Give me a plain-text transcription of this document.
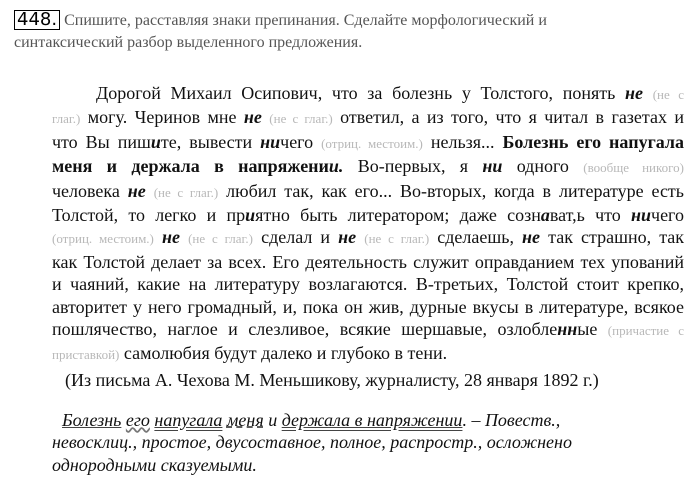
448. Спишите, расставляя знаки препинания. Сделайте морфологический и
синтаксический разбор выделенного предложения.
Дорогой Михаил Осипович, что за болезнь у Толстого, понять не (не с
глаг.) могу. Черинов мне не (не с глаг.) ответил, а из того, что я читал в газетах и
что Вы пишите, вывести ничего (отриц. местоим.) нельзя... Болезнь его напугала
меня и держала в напряжении. Во-первых, я ни одного (вообще никого)
человека не (не с глаг.) любил так, как его... Во-вторых, когда в литературе есть
Толстой, то легко и приятно быть литератором; даже сознават,ь что ничего
(отриц. местоим.) не (не с глаг.) сделал и не (не с глаг.) сделаешь, не так страшно, так
как Толстой делает за всех. Его деятельность служит оправданием тех упований
и чаяний, какие на литературу возлагаются. В-третьих, Толстой стоит крепко,
авторитет у него громадный, и, пока он жив, дурные вкусы в литературе, всякое
пошлячество, наглое и слезливое, всякие шершавые, озлобленные (причастие с
приставкой) самолюбия будут далеко и глубоко в тени.
(Из письма А. Чехова М. Меньшикову, журналисту, 28 января 1892 г.)
Болезнь его напугала меня и держала в напряжении. – Повеств.,
невосклиц., простое, двусоставное, полное, распростр., осложнено
однородными сказуемыми.
